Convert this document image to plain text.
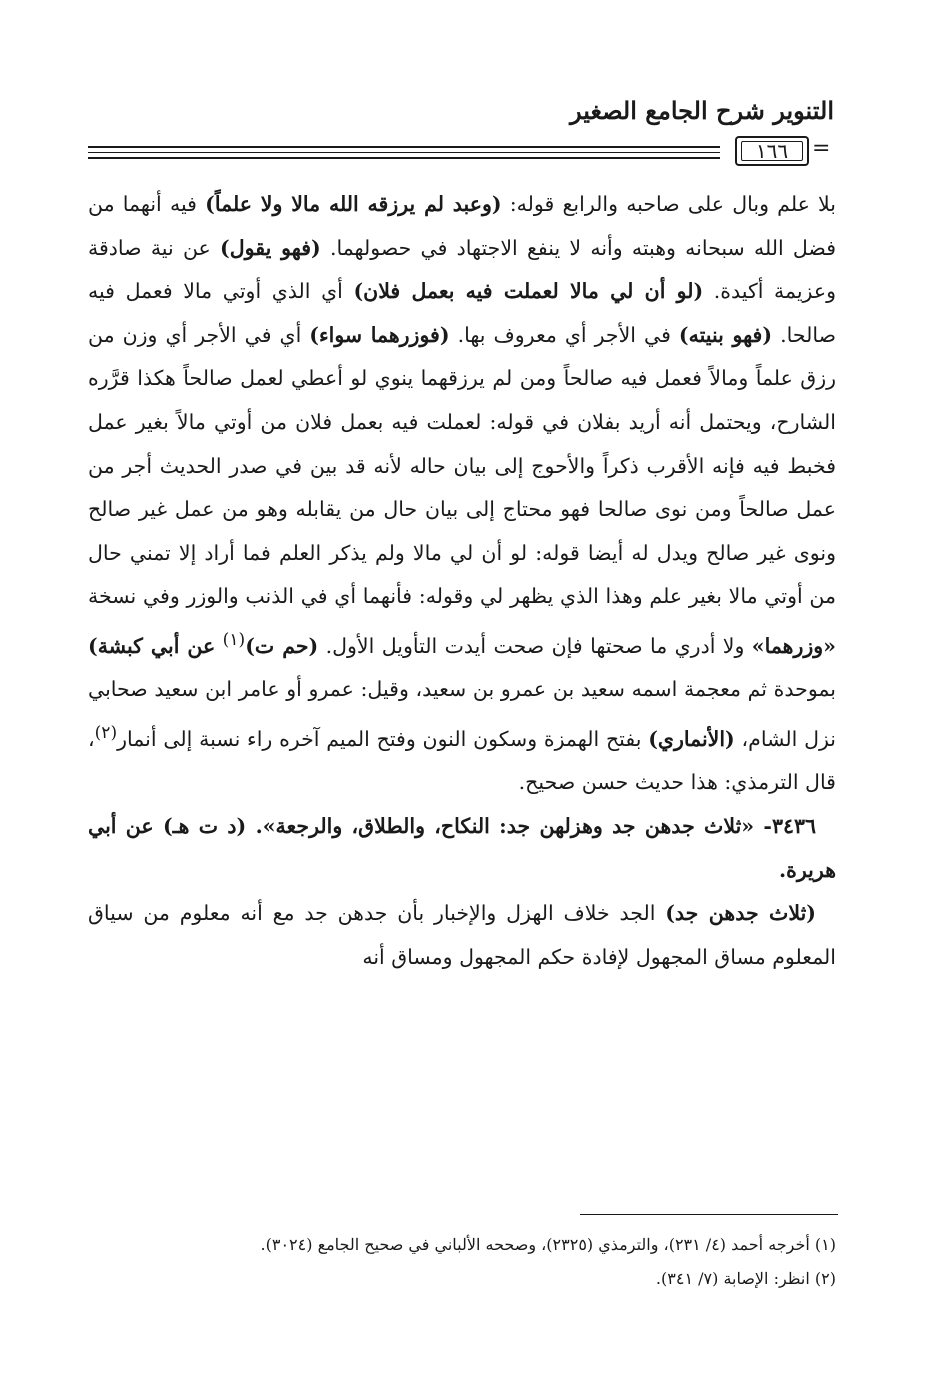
التنوير شرح الجامع الصغير
١٦٦ =

بلا علم وبال على صاحبه والرابع قوله: (وعبد لم يرزقه الله مالا ولا علماً) فيه أنهما من فضل الله سبحانه وهبته وأنه لا ينفع الاجتهاد في حصولهما. (فهو يقول) عن نية صادقة وعزيمة أكيدة. (لو أن لي مالا لعملت فيه بعمل فلان) أي الذي أوتي مالا فعمل فيه صالحا. (فهو بنيته) في الأجر أي معروف بها. (فوزرهما سواء) أي في الأجر أي وزن من رزق علماً ومالاً فعمل فيه صالحاً ومن لم يرزقهما ينوي لو أعطي لعمل صالحاً هكذا قرَّره الشارح، ويحتمل أنه أريد بفلان في قوله: لعملت فيه بعمل فلان من أوتي مالاً بغير عمل فخبط فيه فإنه الأقرب ذكراً والأحوج إلى بيان حاله لأنه قد بين في صدر الحديث أجر من عمل صالحاً ومن نوى صالحا فهو محتاج إلى بيان حال من يقابله وهو من عمل غير صالح ونوى غير صالح ويدل له أيضا قوله: لو أن لي مالا ولم يذكر العلم فما أراد إلا تمني حال من أوتي مالا بغير علم وهذا الذي يظهر لي وقوله: فأنهما أي في الذنب والوزر وفي نسخة «وزرهما» ولا أدري ما صحتها فإن صحت أيدت التأويل الأول. (حم ت)$^{(١)}$ عن أبي كبشة) بموحدة ثم معجمة اسمه سعيد بن عمرو بن سعيد، وقيل: عمرو أو عامر ابن سعيد صحابي نزل الشام، (الأنماري) بفتح الهمزة وسكون النون وفتح الميم آخره راء نسبة إلى أنمار$^{(٢)}$، قال الترمذي: هذا حديث حسن صحيح.

٣٤٣٦- «ثلاث جدهن جد وهزلهن جد: النكاح، والطلاق، والرجعة». (د ت هـ) عن أبي هريرة.

(ثلاث جدهن جد) الجد خلاف الهزل والإخبار بأن جدهن جد مع أنه معلوم من سياق المعلوم مساق المجهول لإفادة حكم المجهول ومساق أنه

(١) أخرجه أحمد (٤/ ٢٣١)، والترمذي (٢٣٢٥)، وصححه الألباني في صحيح الجامع (٣٠٢٤).
(٢) انظر: الإصابة (٧/ ٣٤١).
